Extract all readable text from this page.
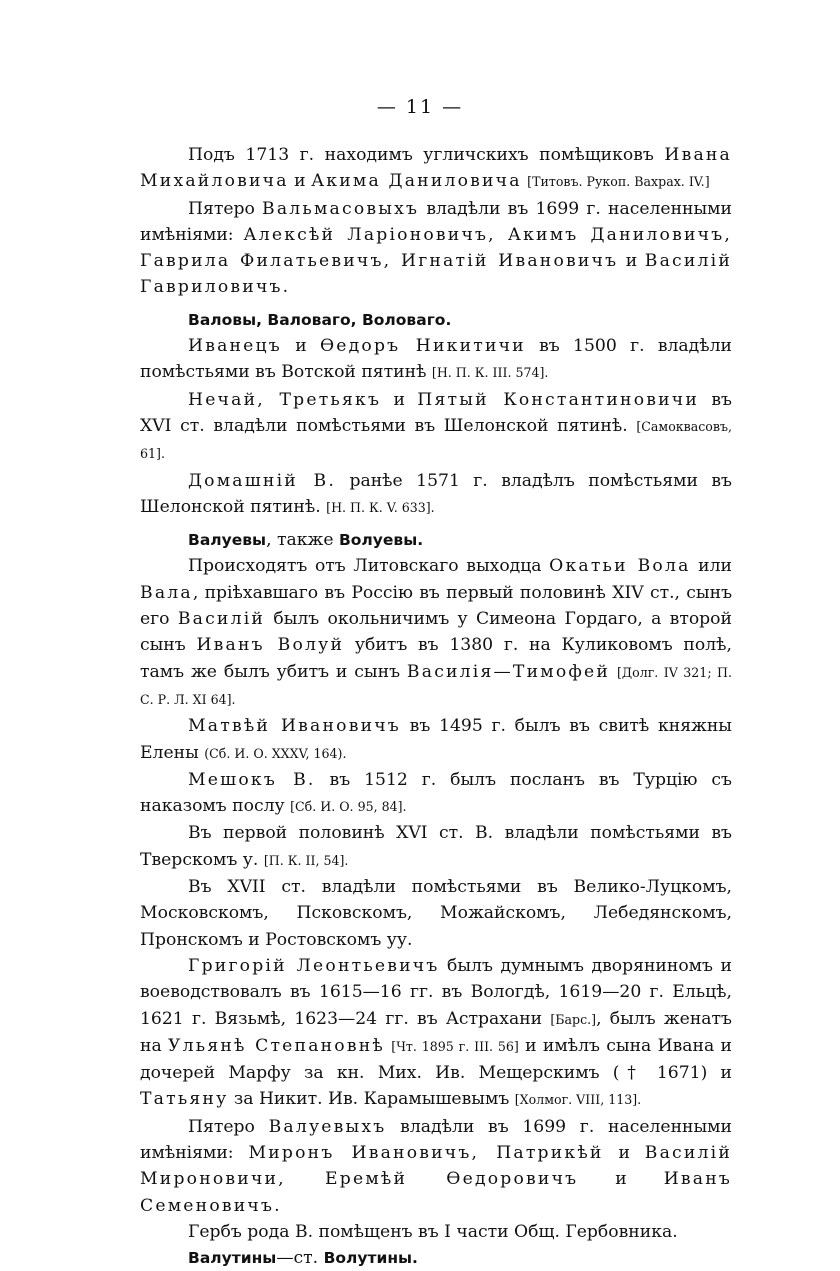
— 11 —

Подъ 1713 г. находимъ угличскихъ помѣщиковъ Ивана Михайловича и Акима Даниловича [Титовъ. Рукоп. Вахрах. IV.]

Пятеро Вальмасовыхъ владѣли въ 1699 г. населенными имѣніями: Алексѣй Ларіоновичъ, Акимъ Даниловичъ, Гаврила Филатьевичъ, Игнатій Ивановичъ и Василій Гавриловичъ.

Валовы, Валоваго, Воловаго.

Иванецъ и Ѳедоръ Никитичи въ 1500 г. владѣли помѣстьями въ Вотской пятинѣ [Н. П. К. III. 574].

Нечай, Третьякъ и Пятый Константиновичи въ XVI ст. владѣли помѣстьями въ Шелонской пятинѣ. [Самоквасовъ, 61].

Домашній В. ранѣе 1571 г. владѣлъ помѣстьями въ Шелонской пятинѣ. [Н. П. К. V. 633].

Валуевы, также Волуевы.

Происходятъ отъ Литовскаго выходца Окатьи Вола или Вала, пріѣхавшаго въ Россію въ первый половинѣ XIV ст., сынъ его Василій былъ окольничимъ у Симеона Гордаго, а второй сынъ Иванъ Волуй убитъ въ 1380 г. на Куликовомъ полѣ, тамъ же былъ убитъ и сынъ Василія—Тимофей [Долг. IV 321; П. С. Р. Л. XI 64].

Матвѣй Ивановичъ въ 1495 г. былъ въ свитѣ княжны Елены (Сб. И. О. XXXV, 164).

Мешокъ В. въ 1512 г. былъ посланъ въ Турцію съ наказомъ послу [Сб. И. О. 95, 84].

Въ первой половинѣ XVI ст. В. владѣли помѣстьями въ Тверскомъ у. [П. К. II, 54].

Въ XVII ст. владѣли помѣстьями въ Велико-Луцкомъ, Московскомъ, Псковскомъ, Можайскомъ, Лебедянскомъ, Пронскомъ и Ростовскомъ уу.

Григорій Леонтьевичъ былъ думнымъ дворяниномъ и воеводствовалъ въ 1615—16 гг. въ Вологдѣ, 1619—20 г. Ельцѣ, 1621 г. Вязьмѣ, 1623—24 гг. въ Астрахани [Барс.], былъ женатъ на Ульянѣ Степановнѣ [Чт. 1895 г. III. 56] и имѣлъ сына Ивана и дочерей Марфу за кн. Мих. Ив. Мещерскимъ († 1671) и Татьяну за Никит. Ив. Карамышевымъ [Холмог. VIII, 113].

Пятеро Валуевыхъ владѣли въ 1699 г. населенными имѣніями: Миронъ Ивановичъ, Патрикѣй и Василій Мироновичи, Еремѣй Ѳедоровичъ и Иванъ Семеновичъ.

Гербъ рода В. помѣщенъ въ I части Общ. Гербовника.

Валутины—ст. Волутины.
